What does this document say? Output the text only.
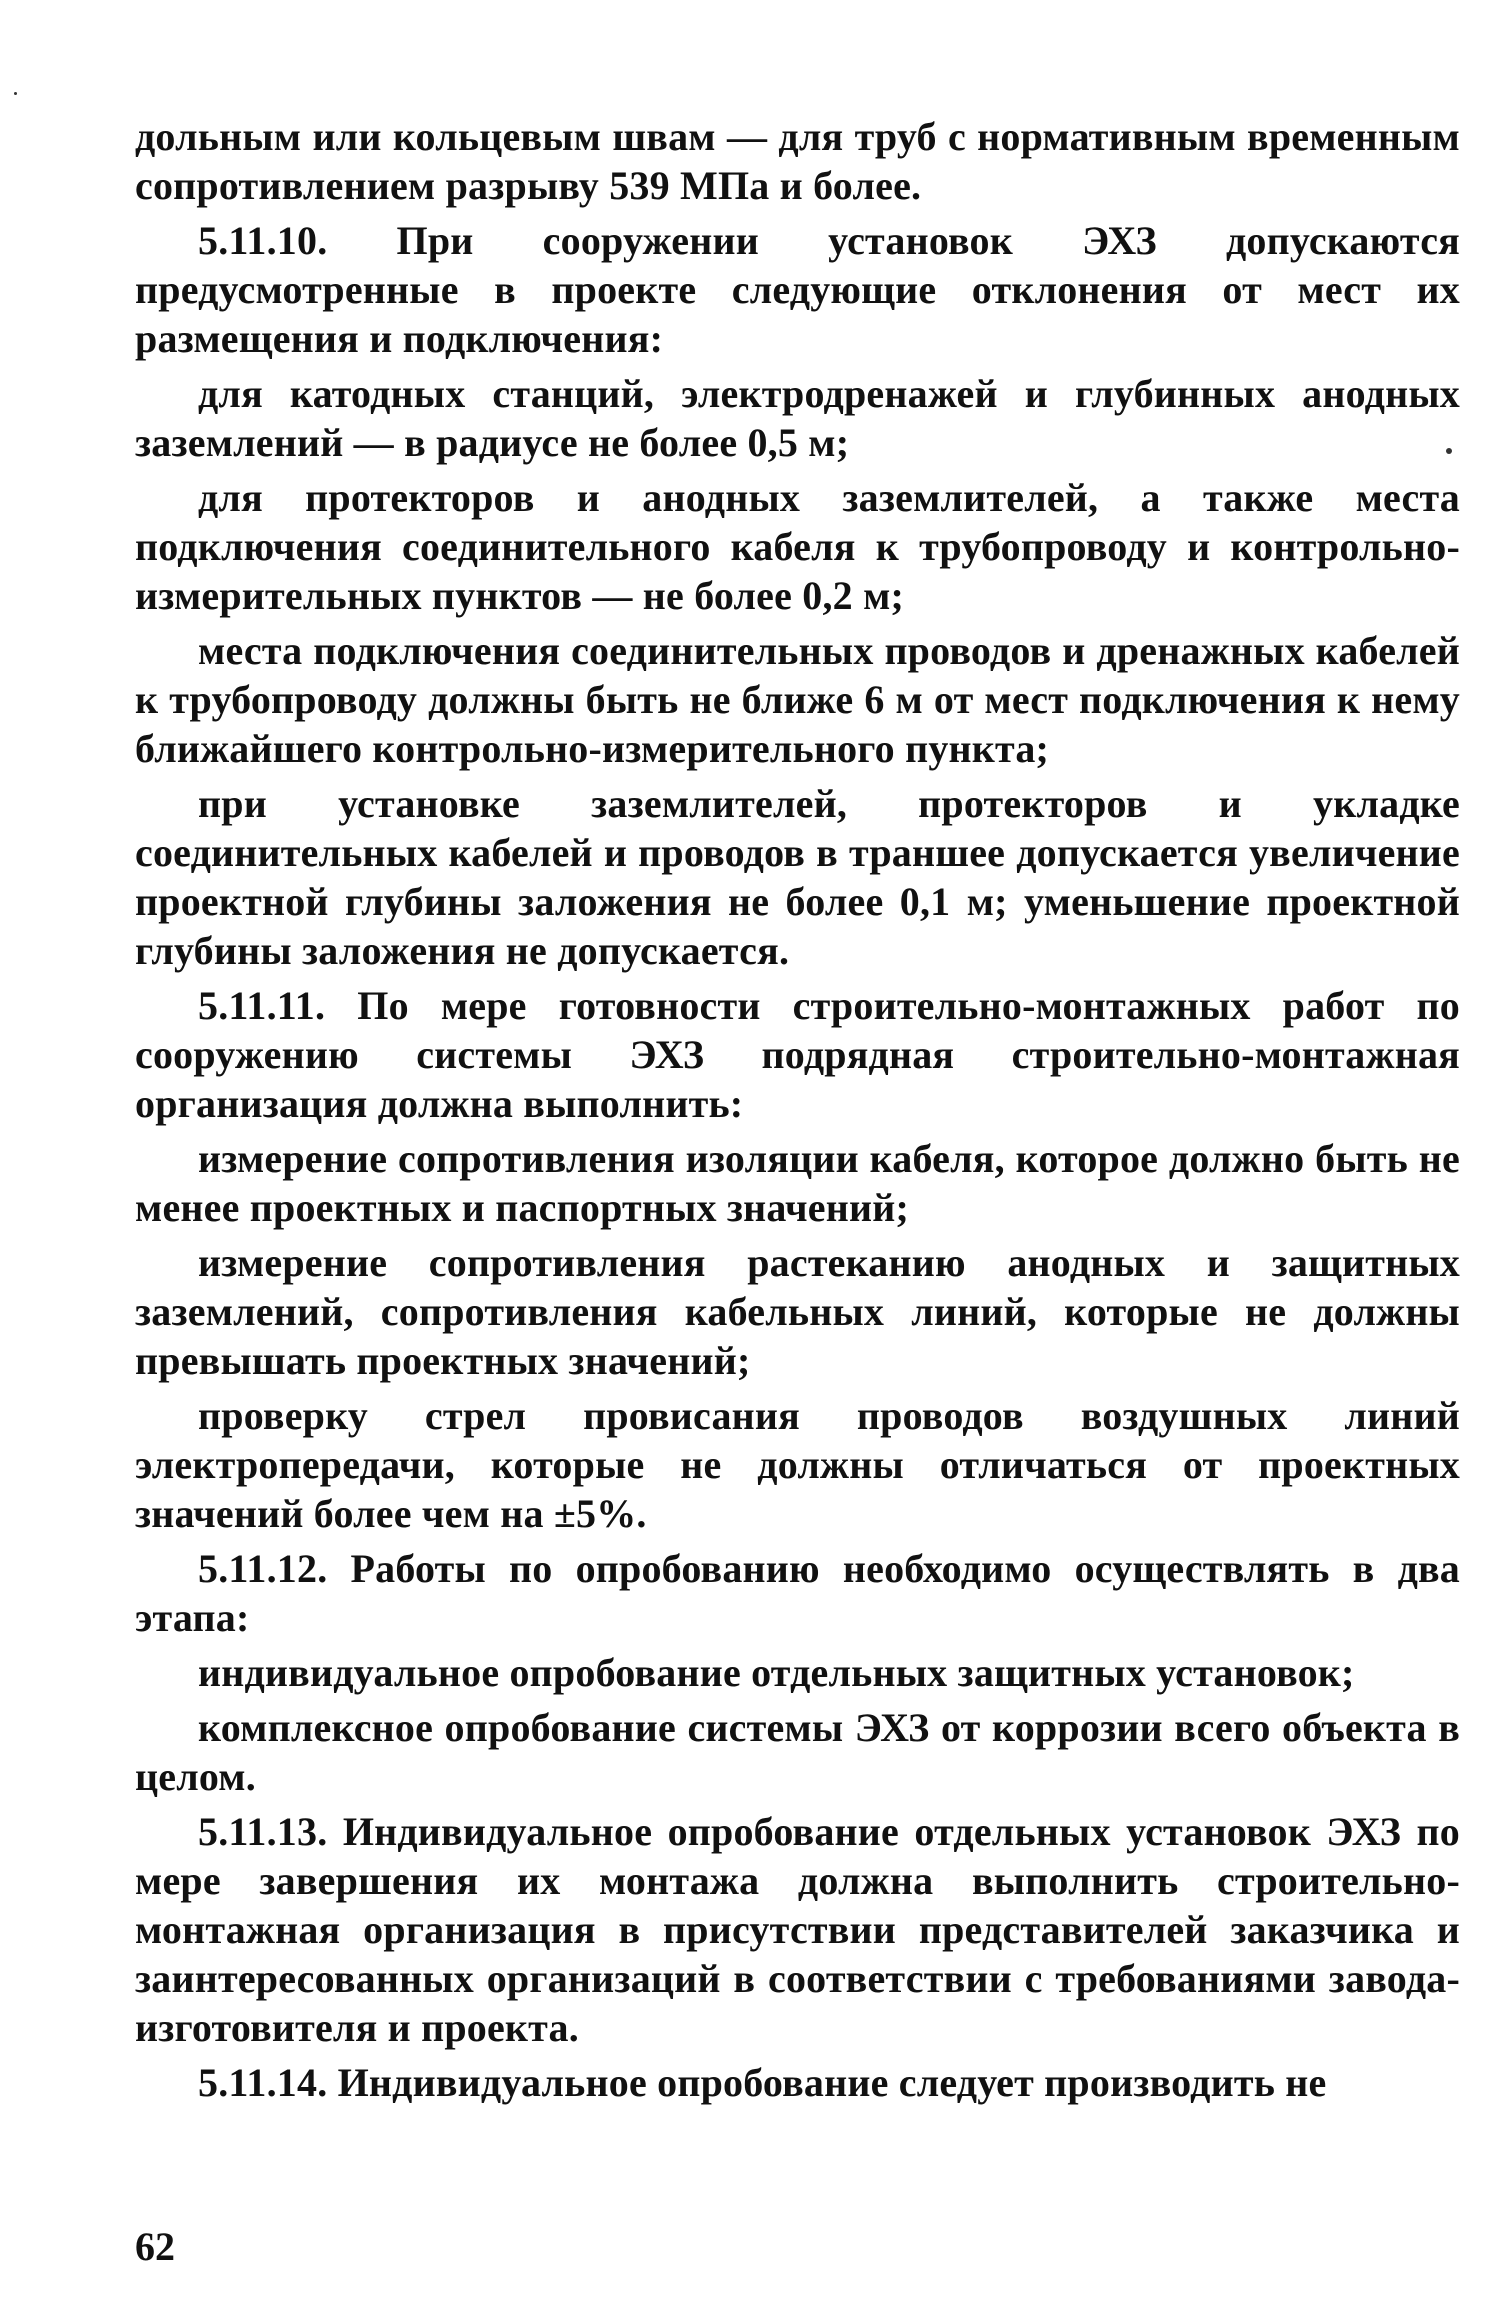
дольным или кольцевым швам — для труб с нормативным временным сопротивлением разрыву 539 МПа и более.

5.11.10. При сооружении установок ЭХЗ допускаются предусмотренные в проекте следующие отклонения от мест их размещения и подключения:

для катодных станций, электродренажей и глубинных анодных заземлений — в радиусе не более 0,5 м;

для протекторов и анодных заземлителей, а также места подключения соединительного кабеля к трубопроводу и контрольно-измерительных пунктов — не более 0,2 м;

места подключения соединительных проводов и дренажных кабелей к трубопроводу должны быть не ближе 6 м от мест подключения к нему ближайшего контрольно-измерительного пункта;

при установке заземлителей, протекторов и укладке соединительных кабелей и проводов в траншее допускается увеличение проектной глубины заложения не более 0,1 м; уменьшение проектной глубины заложения не допускается.

5.11.11. По мере готовности строительно-монтажных работ по сооружению системы ЭХЗ подрядная строительно-монтажная организация должна выполнить:

измерение сопротивления изоляции кабеля, которое должно быть не менее проектных и паспортных значений;

измерение сопротивления растеканию анодных и защитных заземлений, сопротивления кабельных линий, которые не должны превышать проектных значений;

проверку стрел провисания проводов воздушных линий электропередачи, которые не должны отличаться от проектных значений более чем на ±5%.

5.11.12. Работы по опробованию необходимо осуществлять в два этапа:

индивидуальное опробование отдельных защитных установок;

комплексное опробование системы ЭХЗ от коррозии всего объекта в целом.

5.11.13. Индивидуальное опробование отдельных установок ЭХЗ по мере завершения их монтажа должна выполнить строительно-монтажная организация в присутствии представителей заказчика и заинтересованных организаций в соответствии с требованиями завода-изготовителя и проекта.

5.11.14. Индивидуальное опробование следует производить не

62
